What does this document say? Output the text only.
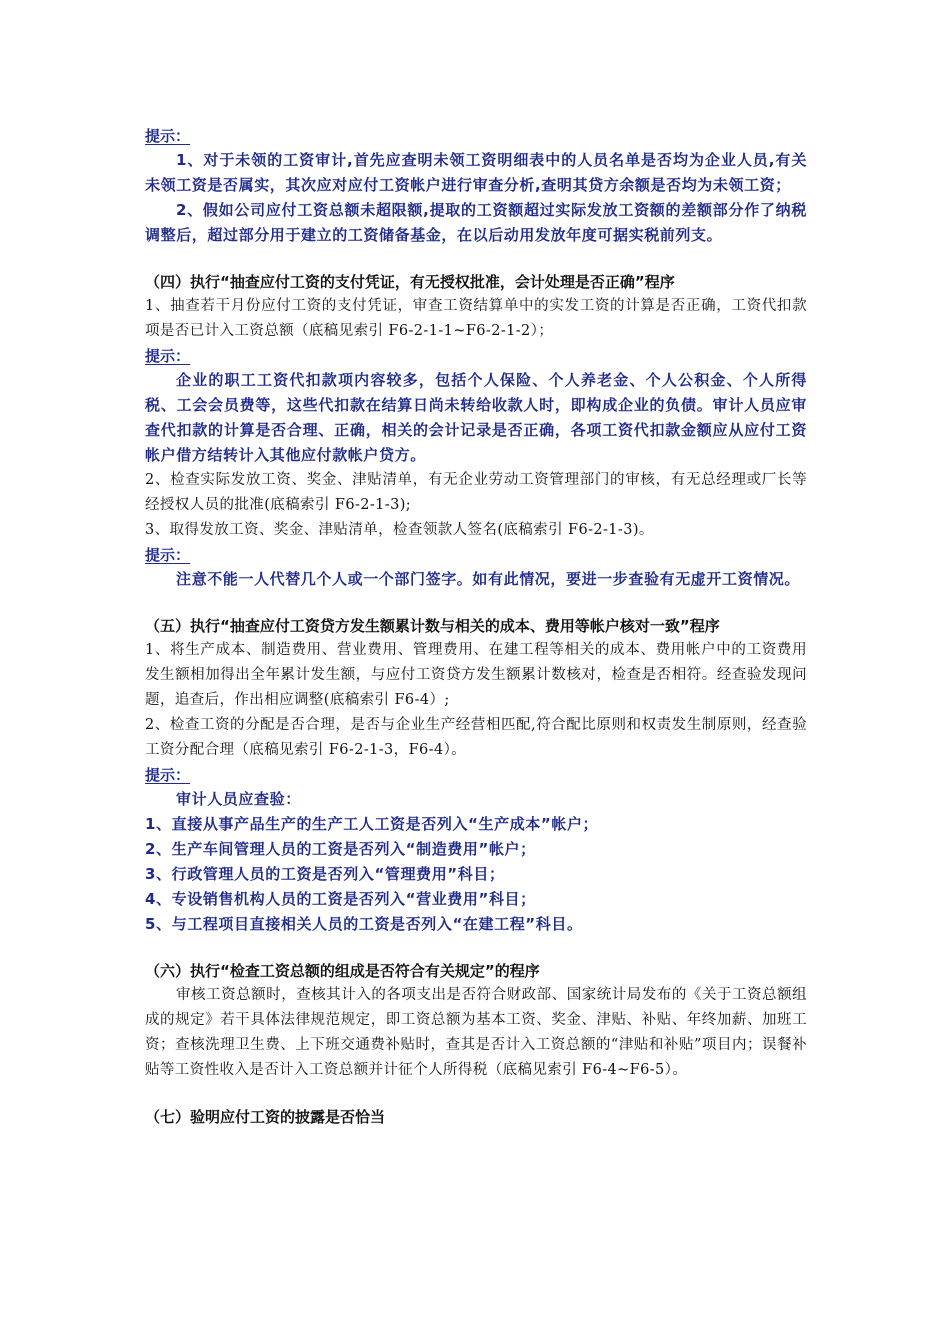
提示：

1、对于未领的工资审计,首先应查明未领工资明细表中的人员名单是否均为企业人员,有关未领工资是否属实，其次应对应付工资帐户进行审查分析,查明其贷方余额是否均为未领工资；

2、假如公司应付工资总额未超限额,提取的工资额超过实际发放工资额的差额部分作了纳税调整后，超过部分用于建立的工资储备基金，在以后动用发放年度可据实税前列支。

（四）执行“抽查应付工资的支付凭证，有无授权批准，会计处理是否正确”程序

1、抽查若干月份应付工资的支付凭证，审查工资结算单中的实发工资的计算是否正确，工资代扣款项是否已计入工资总额（底稿见索引 F6-2-1-1~F6-2-1-2）；

提示：

企业的职工工资代扣款项内容较多，包括个人保险、个人养老金、个人公积金、个人所得税、工会会员费等，这些代扣款在结算日尚未转给收款人时，即构成企业的负债。审计人员应审查代扣款的计算是否合理、正确，相关的会计记录是否正确，各项工资代扣款金额应从应付工资帐户借方结转计入其他应付款帐户贷方。

2、检查实际发放工资、奖金、津贴清单，有无企业劳动工资管理部门的审核，有无总经理或厂长等经授权人员的批准(底稿索引 F6-2-1-3);

3、取得发放工资、奖金、津贴清单，检查领款人签名(底稿索引 F6-2-1-3)。

提示：

注意不能一人代替几个人或一个部门签字。如有此情况，要进一步查验有无虚开工资情况。

（五）执行“抽查应付工资贷方发生额累计数与相关的成本、费用等帐户核对一致”程序

1、将生产成本、制造费用、营业费用、管理费用、在建工程等相关的成本、费用帐户中的工资费用发生额相加得出全年累计发生额，与应付工资贷方发生额累计数核对，检查是否相符。经查验发现问题，追查后，作出相应调整(底稿索引 F6-4）;

2、检查工资的分配是否合理，是否与企业生产经营相匹配,符合配比原则和权责发生制原则，经查验工资分配合理（底稿见索引 F6-2-1-3，F6-4）。

提示：

审计人员应查验：

1、直接从事产品生产的生产工人工资是否列入“生产成本”帐户；

2、生产车间管理人员的工资是否列入“制造费用”帐户；

3、行政管理人员的工资是否列入“管理费用”科目；

4、专设销售机构人员的工资是否列入“营业费用”科目；

5、与工程项目直接相关人员的工资是否列入“在建工程”科目。

（六）执行“检查工资总额的组成是否符合有关规定”的程序

审核工资总额时，查核其计入的各项支出是否符合财政部、国家统计局发布的《关于工资总额组成的规定》若干具体法律规范规定，即工资总额为基本工资、奖金、津贴、补贴、年终加薪、加班工资；查核洗理卫生费、上下班交通费补贴时，查其是否计入工资总额的“津贴和补贴”项目内；误餐补贴等工资性收入是否计入工资总额并计征个人所得税（底稿见索引 F6-4~F6-5）。

（七）验明应付工资的披露是否恰当
